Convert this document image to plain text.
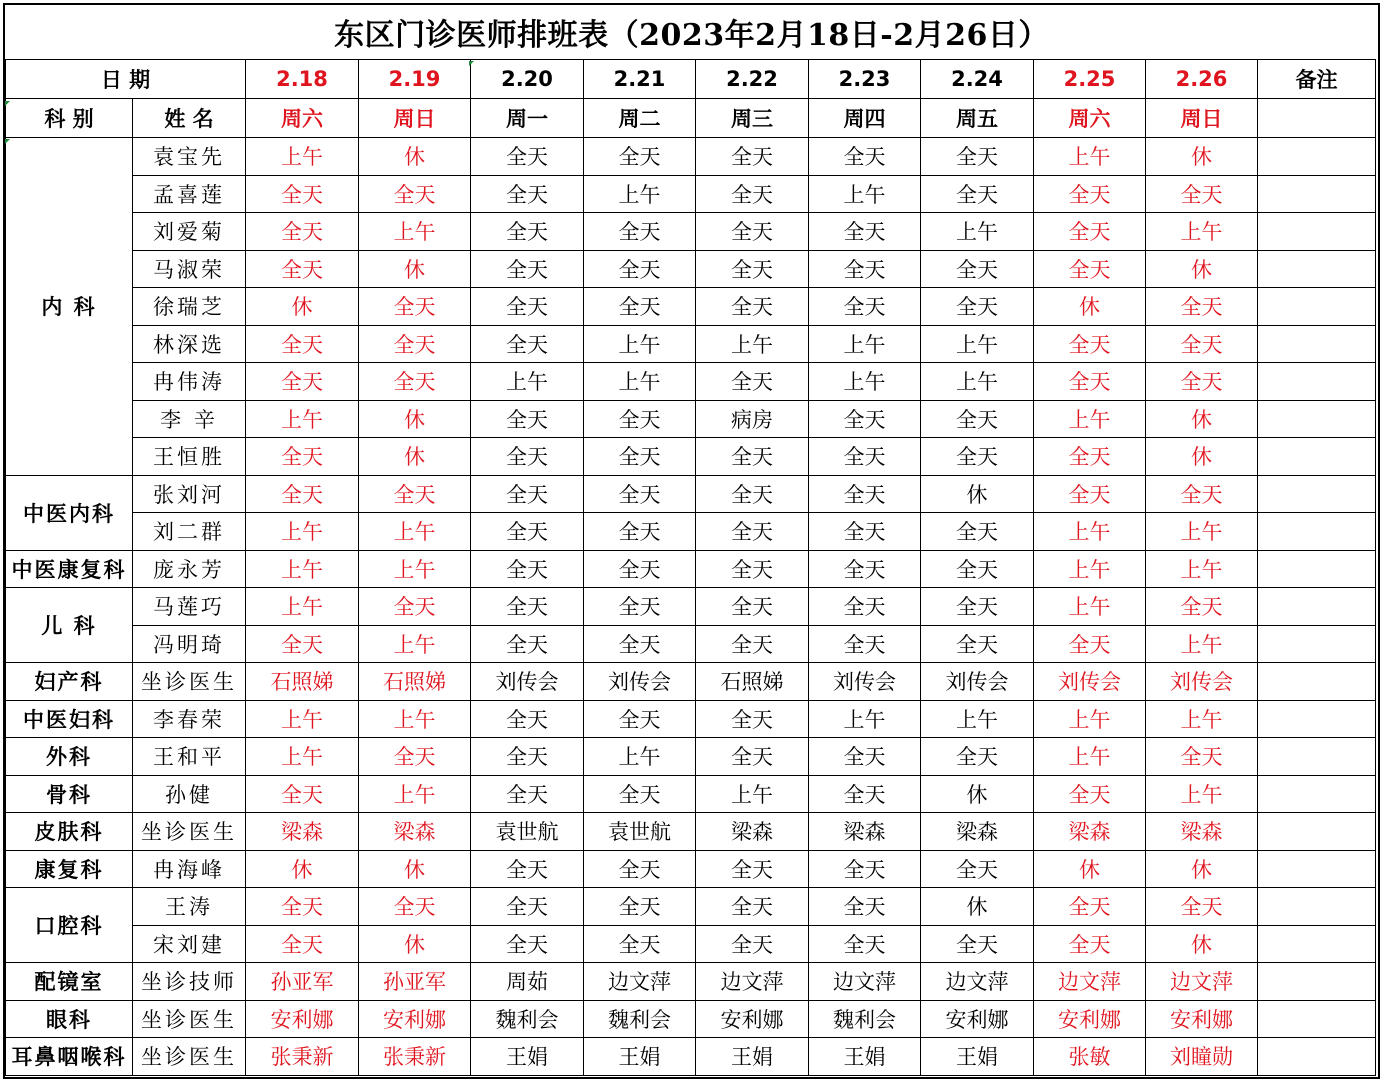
东区门诊医师排班表（2023年2月18日-2月26日）
日 期		2.18	2.19	2.20	2.21	2.22	2.23	2.24	2.25	2.26	备注
科 别	姓 名	周六	周日	周一	周二	周三	周四	周五	周六	周日	
内 科	袁宝先	上午	休	全天	全天	全天	全天	全天	上午	休	
	孟喜莲	全天	全天	全天	上午	全天	上午	全天	全天	全天	
	刘爱菊	全天	上午	全天	全天	全天	全天	上午	全天	上午	
	马淑荣	全天	休	全天	全天	全天	全天	全天	全天	休	
	徐瑞芝	休	全天	全天	全天	全天	全天	全天	休	全天	
	林深选	全天	全天	全天	上午	上午	上午	上午	全天	全天	
	冉伟涛	全天	全天	上午	上午	全天	上午	上午	全天	全天	
	李 辛	上午	休	全天	全天	病房	全天	全天	上午	休	
	王恒胜	全天	休	全天	全天	全天	全天	全天	全天	休	
中医内科	张刘河	全天	全天	全天	全天	全天	全天	休	全天	全天	
	刘二群	上午	上午	全天	全天	全天	全天	全天	上午	上午	
中医康复科	庞永芳	上午	上午	全天	全天	全天	全天	全天	上午	上午	
儿 科	马莲巧	上午	全天	全天	全天	全天	全天	全天	上午	全天	
	冯明琦	全天	上午	全天	全天	全天	全天	全天	全天	上午	
妇产科	坐诊医生	石照娣	石照娣	刘传会	刘传会	石照娣	刘传会	刘传会	刘传会	刘传会	
中医妇科	李春荣	上午	上午	全天	全天	全天	上午	上午	上午	上午	
外科	王和平	上午	全天	全天	上午	全天	全天	全天	上午	全天	
骨科	孙健	全天	上午	全天	全天	上午	全天	休	全天	上午	
皮肤科	坐诊医生	梁森	梁森	袁世航	袁世航	梁森	梁森	梁森	梁森	梁森	
康复科	冉海峰	休	休	全天	全天	全天	全天	全天	休	休	
口腔科	王涛	全天	全天	全天	全天	全天	全天	休	全天	全天	
	宋刘建	全天	休	全天	全天	全天	全天	全天	全天	休	
配镜室	坐诊技师	孙亚军	孙亚军	周茹	边文萍	边文萍	边文萍	边文萍	边文萍	边文萍	
眼科	坐诊医生	安利娜	安利娜	魏利会	魏利会	安利娜	魏利会	安利娜	安利娜	安利娜	
耳鼻咽喉科	坐诊医生	张秉新	张秉新	王娟	王娟	王娟	王娟	王娟	张敏	刘瞳勋	
